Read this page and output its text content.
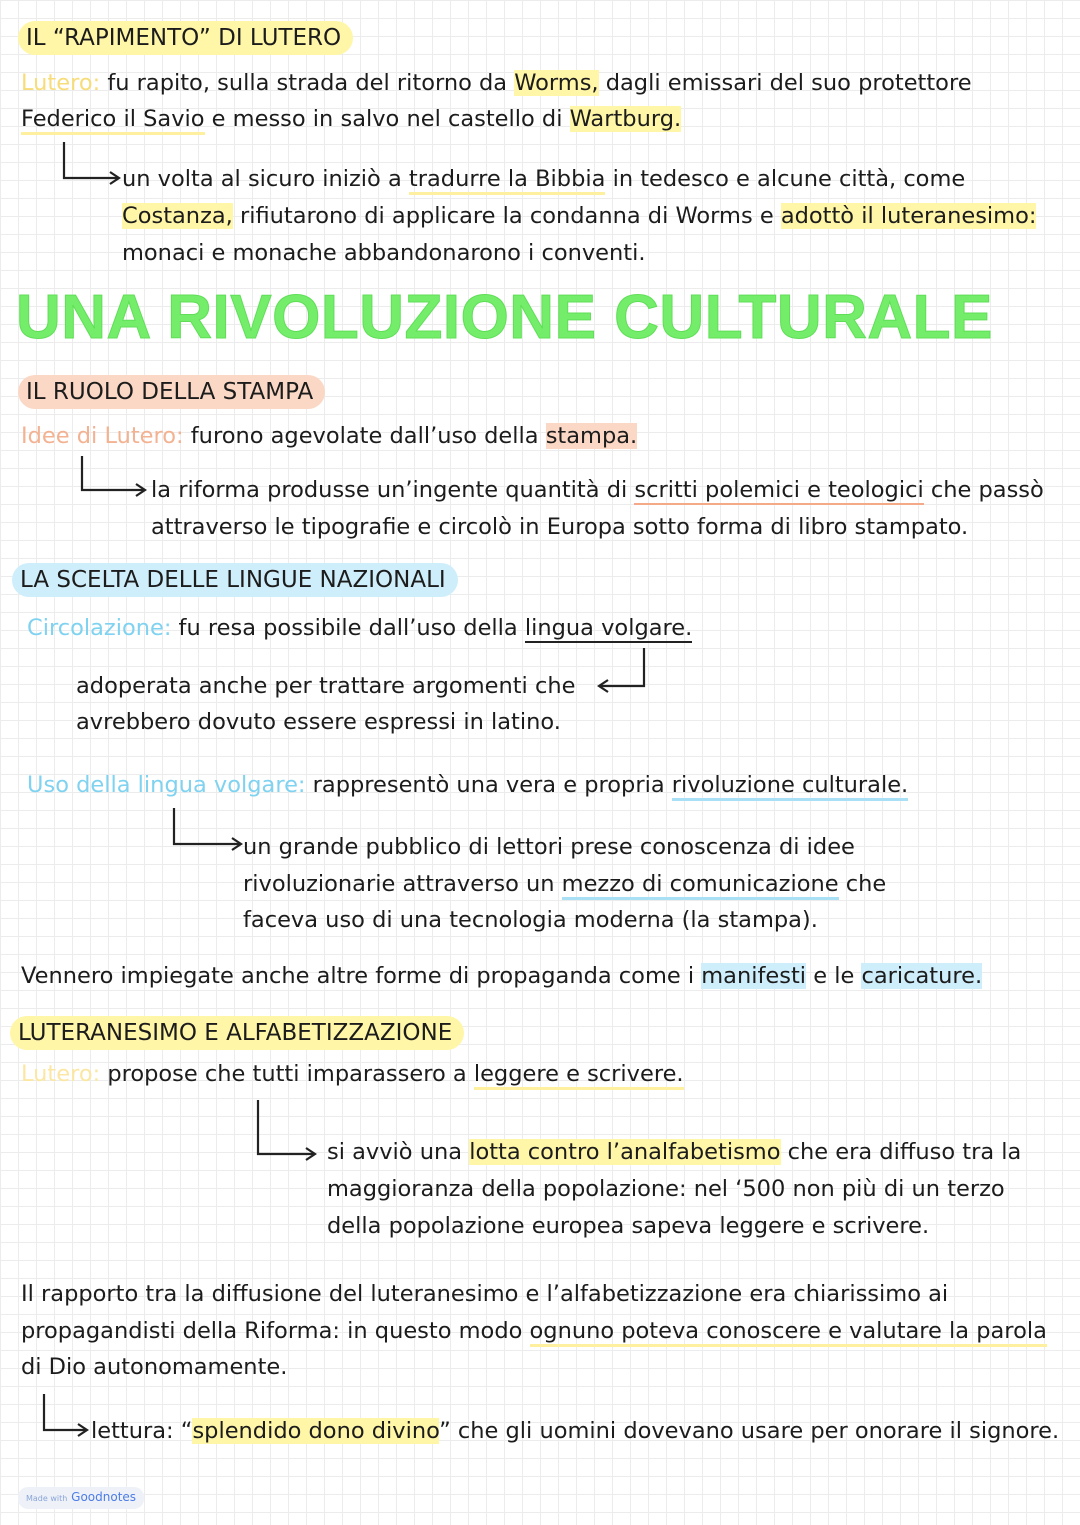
IL “RAPIMENTO” DI LUTERO
Lutero: fu rapito, sulla strada del ritorno da Worms, dagli emissari del suo protettore
Federico il Savio e messo in salvo nel castello di Wartburg.
un volta al sicuro iniziò a tradurre la Bibbia in tedesco e alcune città, come
Costanza, rifiutarono di applicare la condanna di Worms e adottò il luteranesimo:
monaci e monache abbandonarono i conventi.
UNA RIVOLUZIONE CULTURALE
IL RUOLO DELLA STAMPA
Idee di Lutero: furono agevolate dall’uso della stampa.
la riforma produsse un’ingente quantità di scritti polemici e teologici che passò
attraverso le tipografie e circolò in Europa sotto forma di libro stampato.
LA SCELTA DELLE LINGUE NAZIONALI
Circolazione: fu resa possibile dall’uso della lingua volgare.
adoperata anche per trattare argomenti che
avrebbero dovuto essere espressi in latino.
Uso della lingua volgare: rappresentò una vera e propria rivoluzione culturale.
un grande pubblico di lettori prese conoscenza di idee
rivoluzionarie attraverso un mezzo di comunicazione che
faceva uso di una tecnologia moderna (la stampa).
Vennero impiegate anche altre forme di propaganda come i manifesti e le caricature.
LUTERANESIMO E ALFABETIZZAZIONE
Lutero: propose che tutti imparassero a leggere e scrivere.
si avviò una lotta contro l’analfabetismo che era diffuso tra la
maggioranza della popolazione: nel ‘500 non più di un terzo
della popolazione europea sapeva leggere e scrivere.
Il rapporto tra la diffusione del luteranesimo e l’alfabetizzazione era chiarissimo ai
propagandisti della Riforma: in questo modo ognuno poteva conoscere e valutare la parola
di Dio autonomamente.
lettura: “splendido dono divino” che gli uomini dovevano usare per onorare il signore.
Made with Goodnotes
